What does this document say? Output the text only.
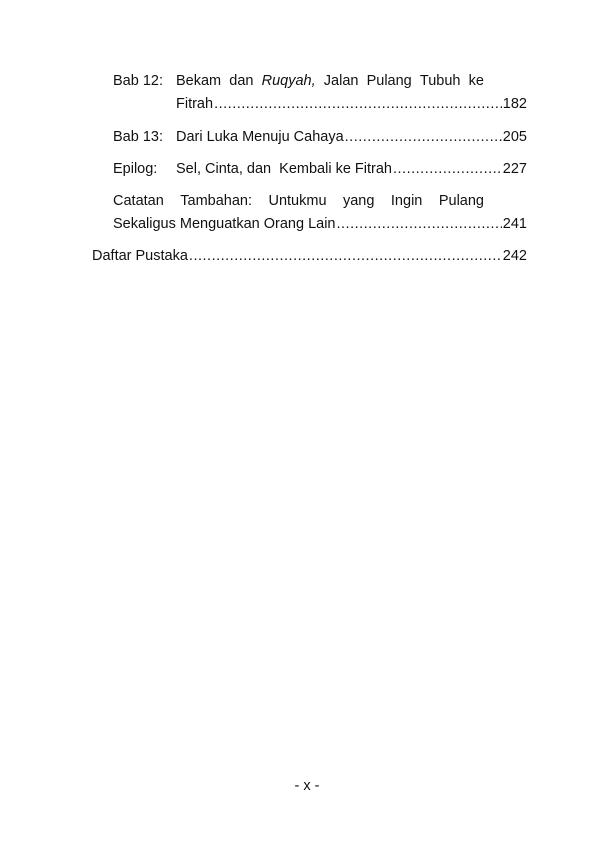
Bab 12: Bekam dan Ruqyah, Jalan Pulang Tubuh ke
Fitrah .....	182
Bab 13: Dari Luka Menuju Cahaya .....	205
Epilog: Sel, Cinta, dan  Kembali ke Fitrah .....	227
Catatan Tambahan: Untukmu yang Ingin Pulang
Sekaligus Menguatkan Orang Lain .....	241
Daftar Pustaka .....	242
- x -
